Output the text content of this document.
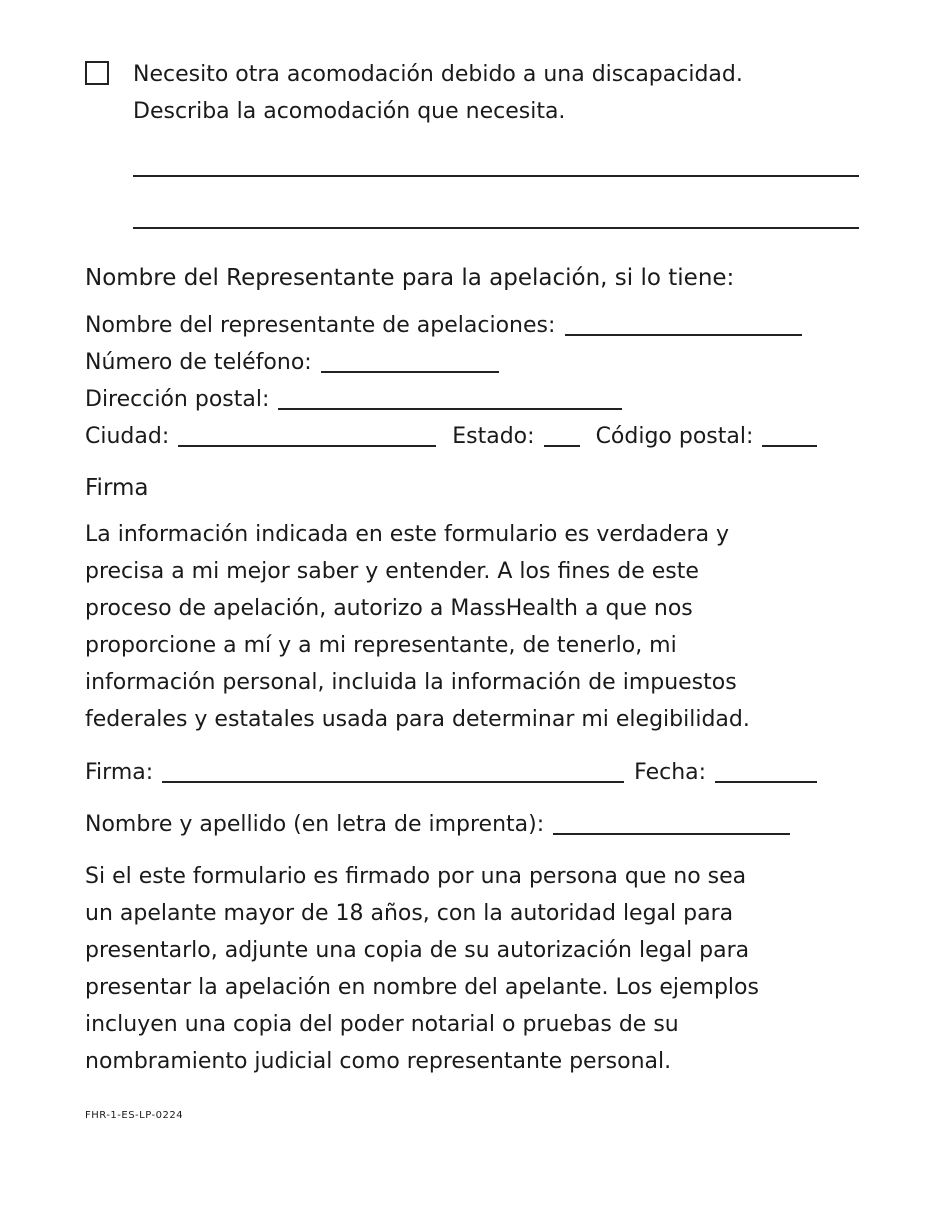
Necesito otra acomodación debido a una discapacidad.
Describa la acomodación que necesita.
Nombre del Representante para la apelación, si lo tiene:
Nombre del representante de apelaciones:
Número de teléfono:
Dirección postal:
Ciudad:	Estado:	Código postal:
Firma
La información indicada en este formulario es verdadera y
precisa a mi mejor saber y entender. A los fines de este
proceso de apelación, autorizo a MassHealth a que nos
proporcione a mí y a mi representante, de tenerlo, mi
información personal, incluida la información de impuestos
federales y estatales usada para determinar mi elegibilidad.
Firma:	Fecha:
Nombre y apellido (en letra de imprenta):
Si el este formulario es firmado por una persona que no sea
un apelante mayor de 18 años, con la autoridad legal para
presentarlo, adjunte una copia de su autorización legal para
presentar la apelación en nombre del apelante. Los ejemplos
incluyen una copia del poder notarial o pruebas de su
nombramiento judicial como representante personal.
FHR-1-ES-LP-0224
